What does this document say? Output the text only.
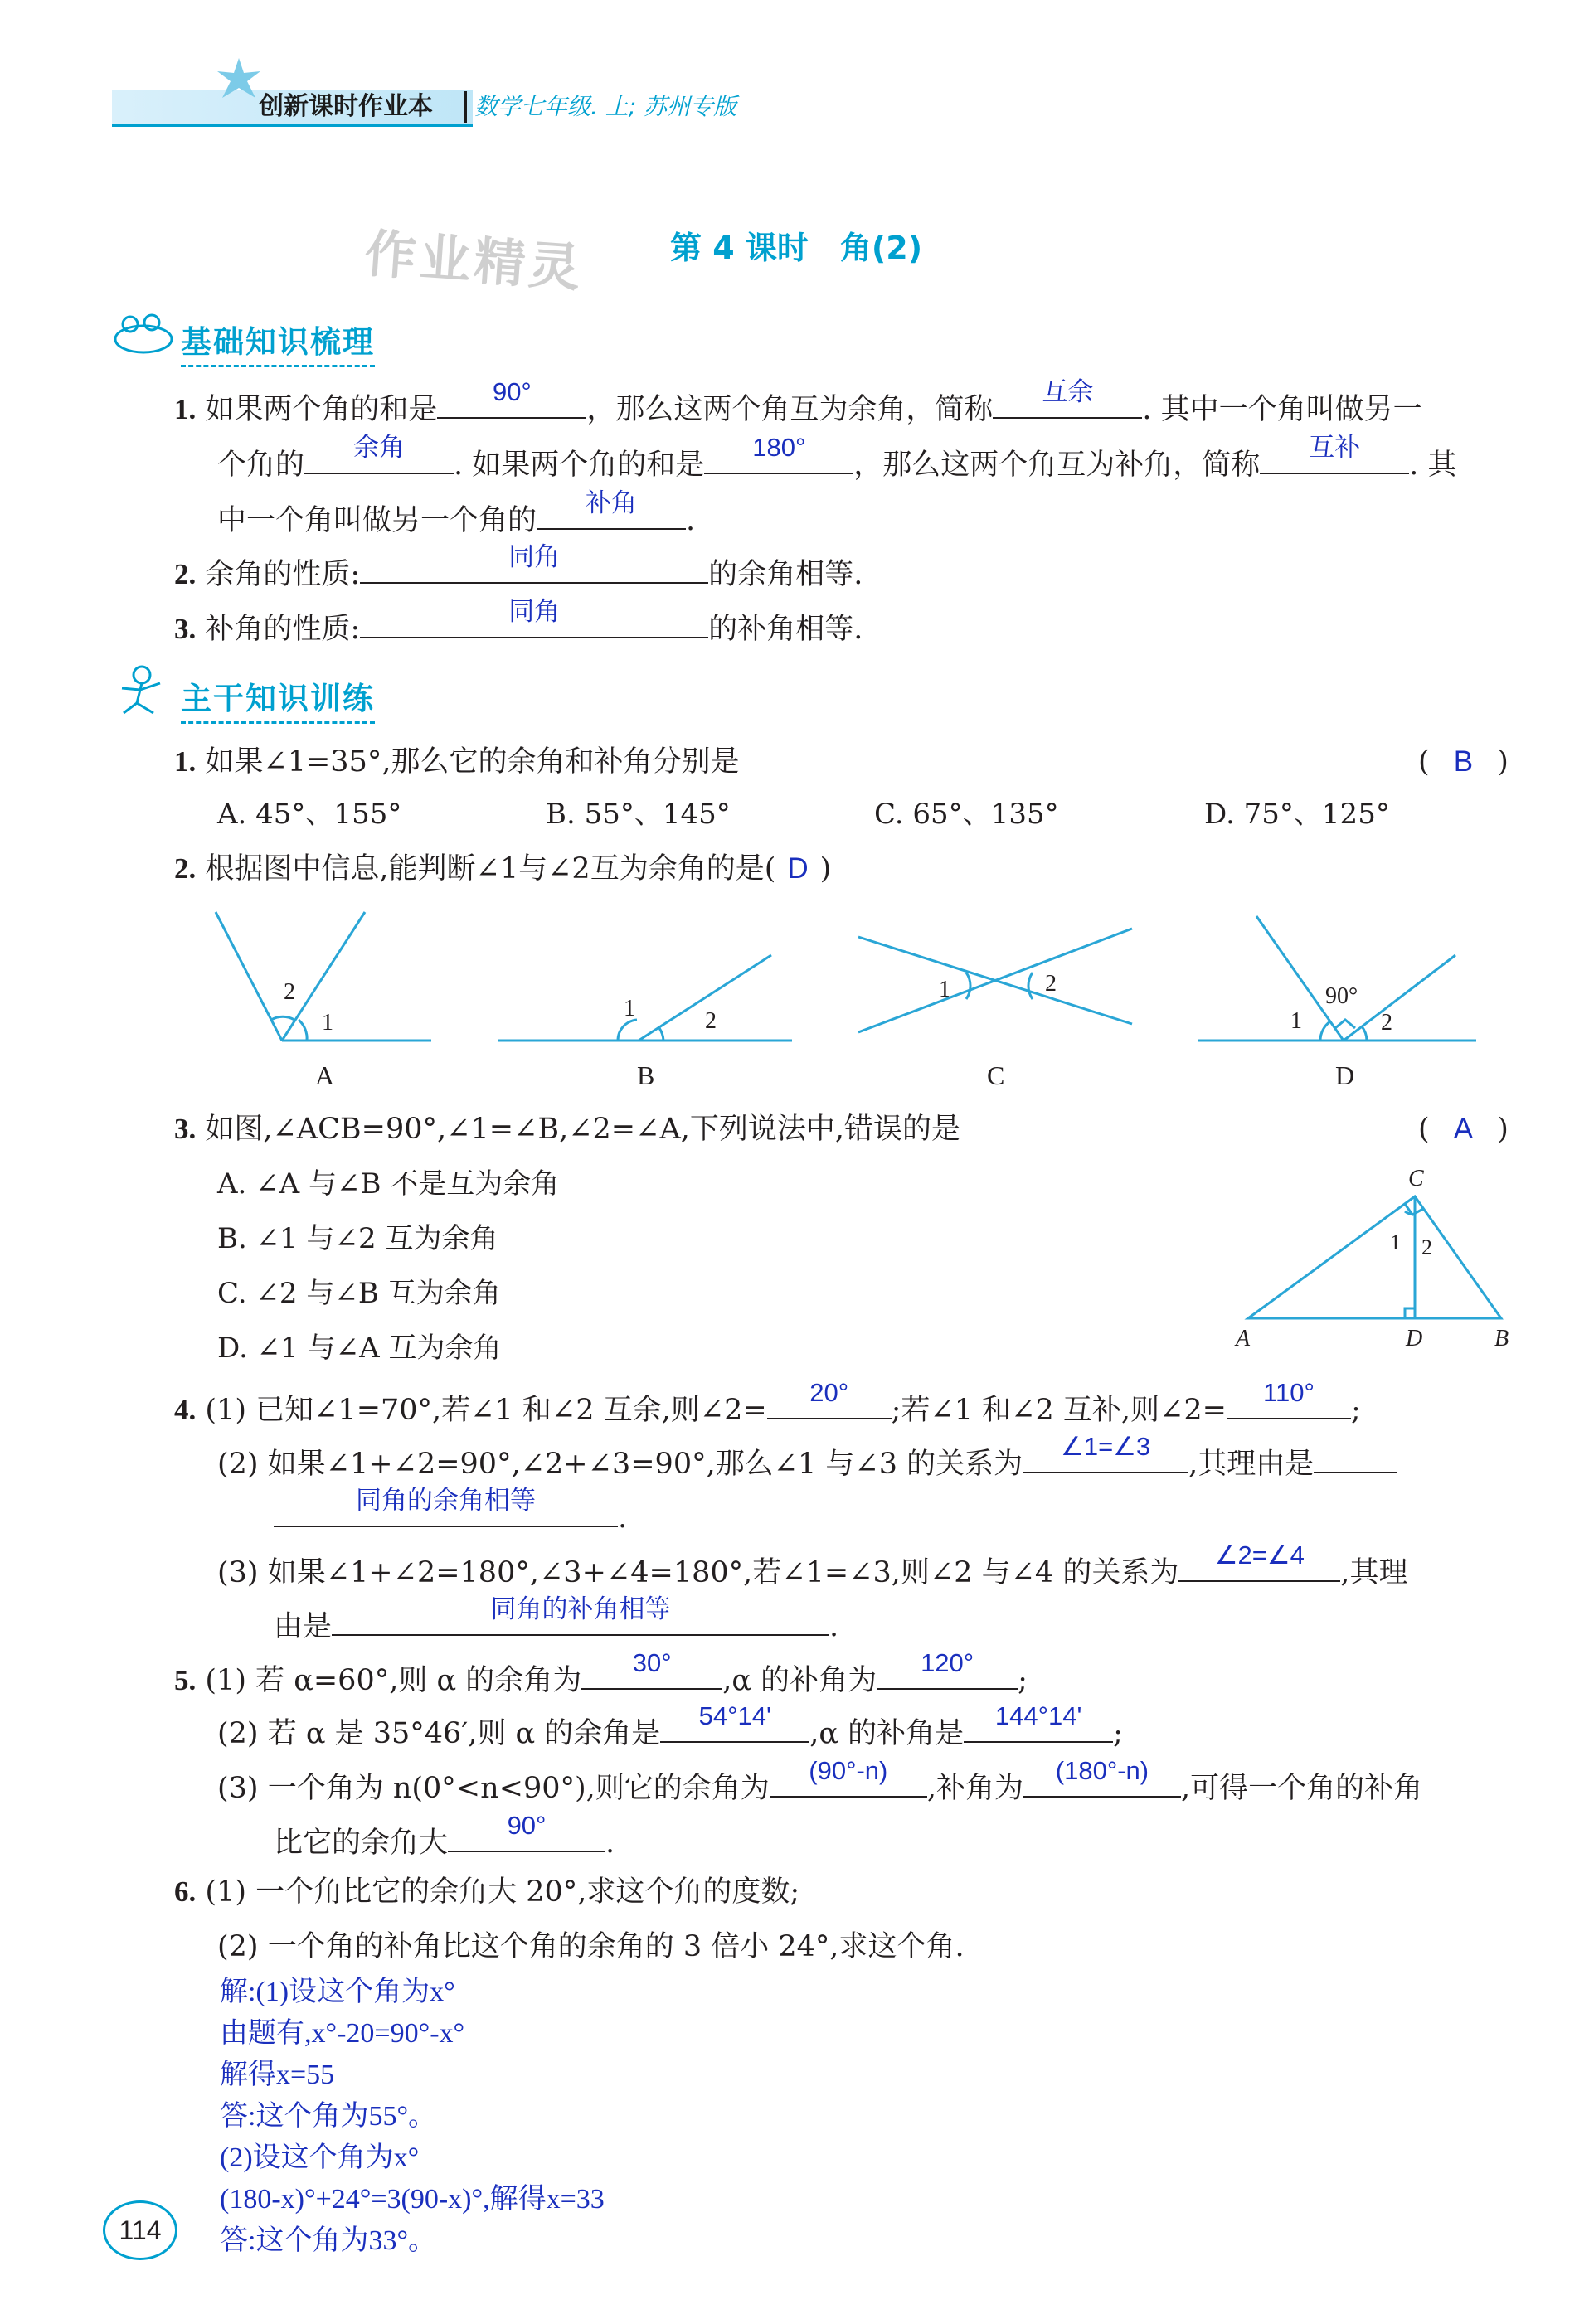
创新课时作业本 数学七年级. 上; 苏州专版
作业精灵	第 4 课时　角(2)
基础知识梳理
1. 如果两个角的和是
90°
，那么这两个角互为余角，简称
互余
. 其中一个角叫做另一
个角的
余角
. 如果两个角的和是
180°
，那么这两个角互为补角，简称
互补
. 其
中一个角叫做另一个角的
补角
.
2. 余角的性质:
同角
的余角相等.
3. 补角的性质:
同角
的补角相等.
主干知识训练
1. 如果∠1=35°,那么它的余角和补角分别是	( B )
A. 45°、155°	B. 55°、145°	C. 65°、135°	D. 75°、125°
2. 根据图中信息,能判断∠1与∠2互为余角的是( D )
2
1
A
1	2
B
1	2
C
90°
1	2
D
3. 如图,∠ACB=90°,∠1=∠B,∠2=∠A,下列说法中,错误的是	( A )
A. ∠A 与∠B 不是互为余角
B. ∠1 与∠2 互为余角
C. ∠2 与∠B 互为余角
D. ∠1 与∠A 互为余角
C
A	D	B
1 2
4. (1) 已知∠1=70°,若∠1 和∠2 互余,则∠2=
20°
;若∠1 和∠2 互补,则∠2=
110°
;
(2) 如果∠1+∠2=90°,∠2+∠3=90°,那么∠1 与∠3 的关系为
∠1=∠3
,其理由是
同角的余角相等
.
(3) 如果∠1+∠2=180°,∠3+∠4=180°,若∠1=∠3,则∠2 与∠4 的关系为
∠2=∠4
,其理
由是
同角的补角相等
.
5. (1) 若 α=60°,则 α 的余角为
30°
,α 的补角为
120°
;
(2) 若 α 是 35°46′,则 α 的余角是
54°14'
,α 的补角是
144°14'
;
(3) 一个角为 n(0°<n<90°),则它的余角为
(90°-n)
,补角为
(180°-n)
,可得一个角的补角
比它的余角大
90°
.
6. (1) 一个角比它的余角大 20°,求这个角的度数;
(2) 一个角的补角比这个角的余角的 3 倍小 24°,求这个角.
解:(1)设这个角为x°
由题有,x°-20=90°-x°
解得x=55
答:这个角为55°。
(2)设这个角为x°
(180-x)°+24°=3(90-x)°,解得x=33
答:这个角为33°。
114
